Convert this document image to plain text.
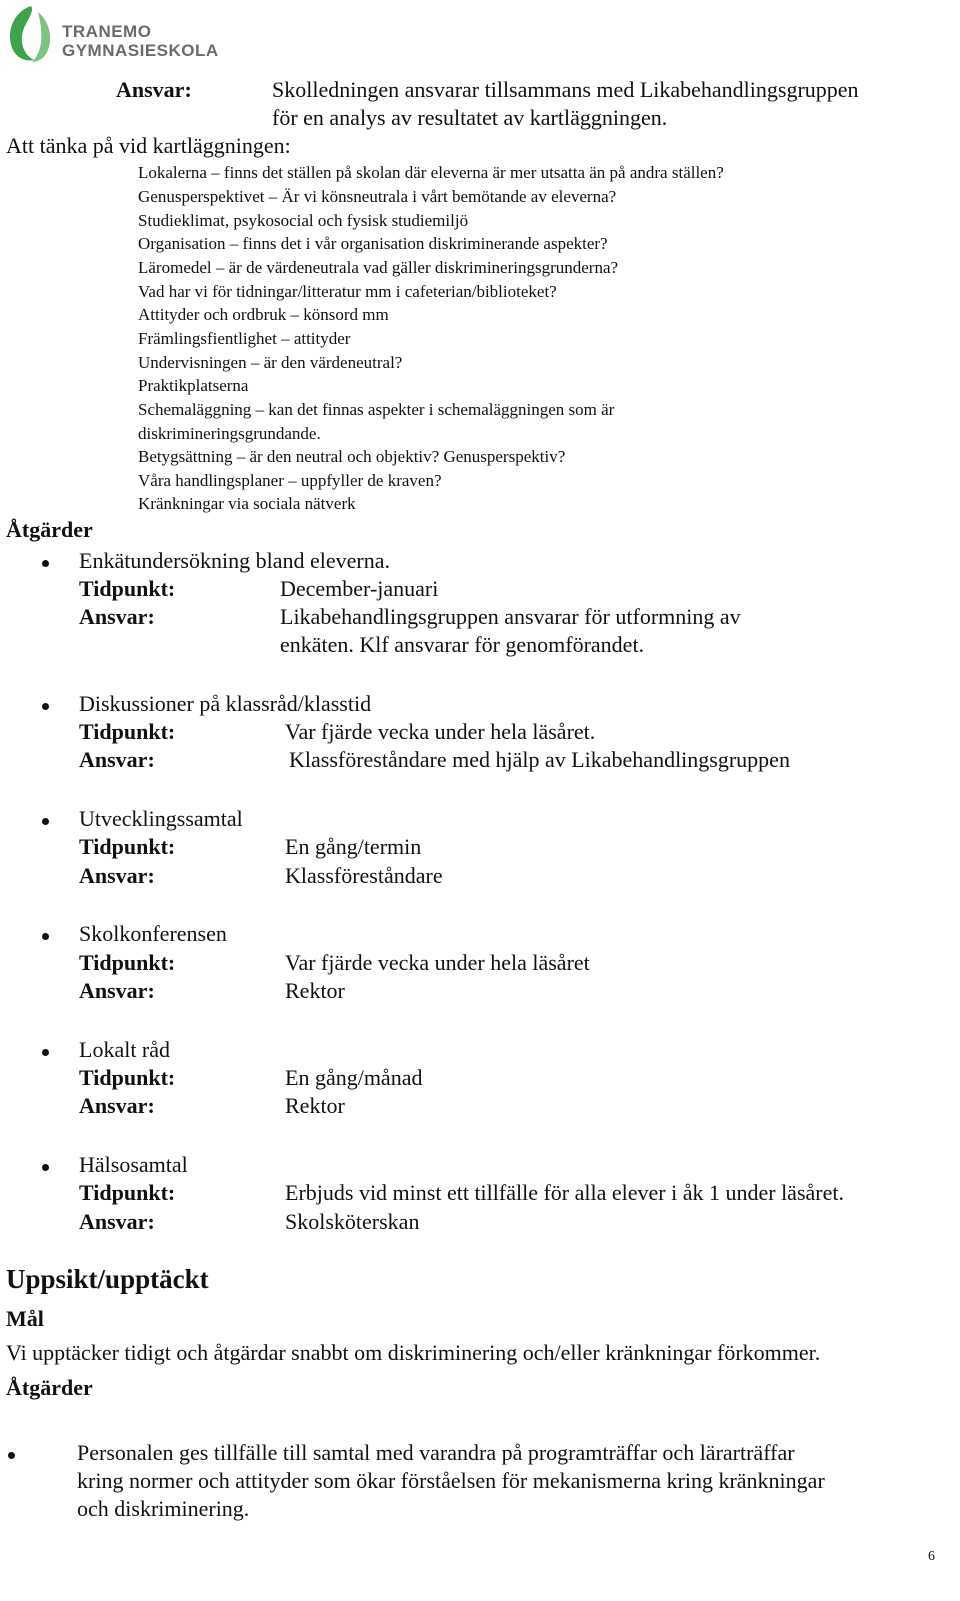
TRANEMO
GYMNASIESKOLA
Ansvar:	Skolledningen ansvarar tillsammans med Likabehandlingsgruppen
för en analys av resultatet av kartläggningen.
Att tänka på vid kartläggningen:
Lokalerna – finns det ställen på skolan där eleverna är mer utsatta än på andra ställen?
Genusperspektivet – Är vi könsneutrala i vårt bemötande av eleverna?
Studieklimat, psykosocial och fysisk studiemiljö
Organisation – finns det i vår organisation diskriminerande aspekter?
Läromedel – är de värdeneutrala vad gäller diskrimineringsgrunderna?
Vad har vi för tidningar/litteratur mm i cafeterian/biblioteket?
Attityder och ordbruk – könsord mm
Främlingsfientlighet – attityder
Undervisningen – är den värdeneutral?
Praktikplatserna
Schemaläggning – kan det finnas aspekter i schemaläggningen som är
diskrimineringsgrundande.
Betygsättning – är den neutral och objektiv? Genusperspektiv?
Våra handlingsplaner – uppfyller de kraven?
Kränkningar via sociala nätverk
Åtgärder
Enkätundersökning bland eleverna.
Tidpunkt:	December-januari
Ansvar:	Likabehandlingsgruppen ansvarar för utformning av
enkäten. Klf ansvarar för genomförandet.
Diskussioner på klassråd/klasstid
Tidpunkt:	Var fjärde vecka under hela läsåret.
Ansvar:	Klassföreståndare med hjälp av Likabehandlingsgruppen
Utvecklingssamtal
Tidpunkt:	En gång/termin
Ansvar:	Klassföreståndare
Skolkonferensen
Tidpunkt:	Var fjärde vecka under hela läsåret
Ansvar:	Rektor
Lokalt råd
Tidpunkt:	En gång/månad
Ansvar:	Rektor
Hälsosamtal
Tidpunkt:	Erbjuds vid minst ett tillfälle för alla elever i åk 1 under läsåret.
Ansvar:	Skolsköterskan
Uppsikt/upptäckt
Mål
Vi upptäcker tidigt och åtgärdar snabbt om diskriminering och/eller kränkningar förkommer.
Åtgärder
Personalen ges tillfälle till samtal med varandra på programträffar och lärarträffar
kring normer och attityder som ökar förståelsen för mekanismerna kring kränkningar
och diskriminering.
6
